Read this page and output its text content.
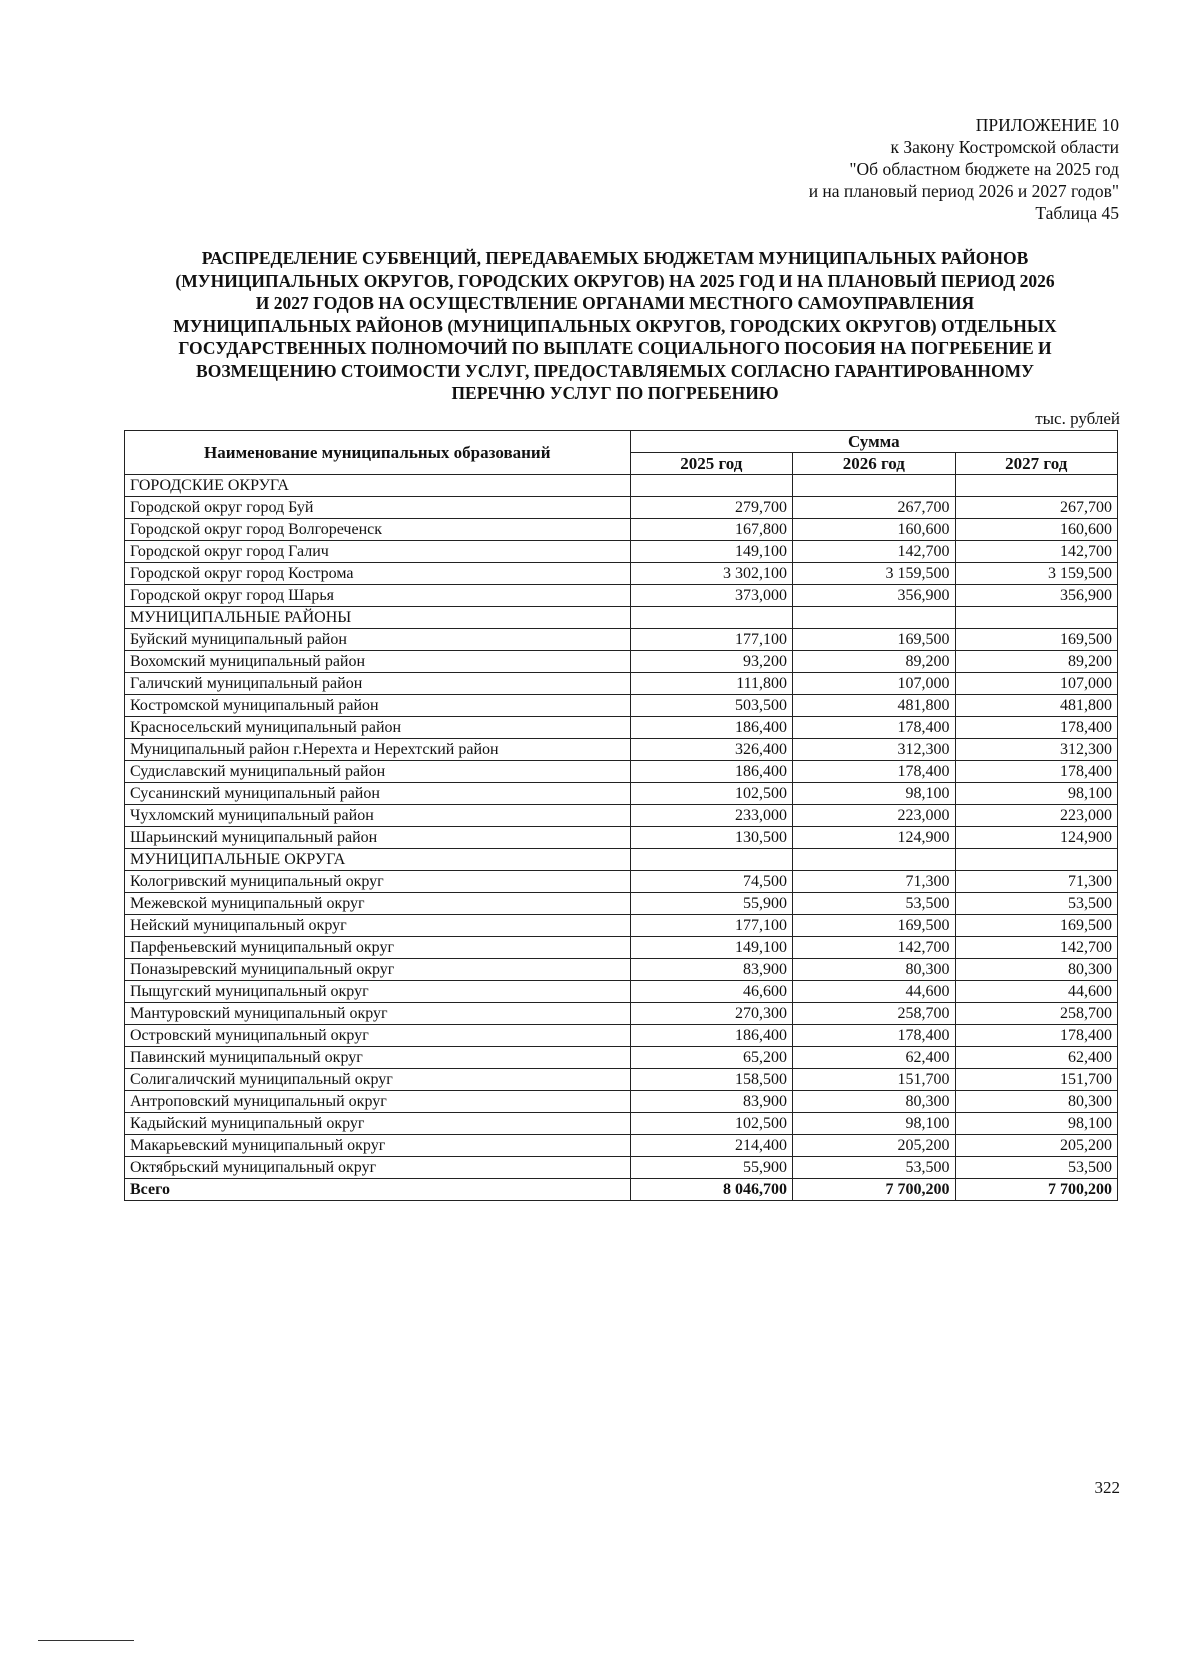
ПРИЛОЖЕНИЕ 10
к Закону Костромской области
"Об областном бюджете на 2025 год
и на плановый период 2026 и 2027 годов"
Таблица 45
РАСПРЕДЕЛЕНИЕ СУБВЕНЦИЙ, ПЕРЕДАВАЕМЫХ БЮДЖЕТАМ МУНИЦИПАЛЬНЫХ РАЙОНОВ
(МУНИЦИПАЛЬНЫХ ОКРУГОВ, ГОРОДСКИХ ОКРУГОВ) НА 2025 ГОД И НА ПЛАНОВЫЙ ПЕРИОД 2026
И 2027 ГОДОВ НА ОСУЩЕСТВЛЕНИЕ ОРГАНАМИ МЕСТНОГО САМОУПРАВЛЕНИЯ
МУНИЦИПАЛЬНЫХ РАЙОНОВ (МУНИЦИПАЛЬНЫХ ОКРУГОВ, ГОРОДСКИХ ОКРУГОВ) ОТДЕЛЬНЫХ
ГОСУДАРСТВЕННЫХ ПОЛНОМОЧИЙ ПО ВЫПЛАТЕ СОЦИАЛЬНОГО ПОСОБИЯ НА ПОГРЕБЕНИЕ И
ВОЗМЕЩЕНИЮ СТОИМОСТИ УСЛУГ, ПРЕДОСТАВЛЯЕМЫХ СОГЛАСНО ГАРАНТИРОВАННОМУ
ПЕРЕЧНЮ УСЛУГ ПО ПОГРЕБЕНИЮ
тыс. рублей
Наименование муниципальных образований	Сумма		
	2025 год	2026 год	2027 год
ГОРОДСКИЕ ОКРУГА			
Городской округ город Буй	279,700	267,700	267,700
Городской округ город Волгореченск	167,800	160,600	160,600
Городской округ город Галич	149,100	142,700	142,700
Городской округ город Кострома	3 302,100	3 159,500	3 159,500
Городской округ город Шарья	373,000	356,900	356,900
МУНИЦИПАЛЬНЫЕ РАЙОНЫ			
Буйский муниципальный район	177,100	169,500	169,500
Вохомский муниципальный район	93,200	89,200	89,200
Галичский муниципальный район	111,800	107,000	107,000
Костромской муниципальный район	503,500	481,800	481,800
Красносельский муниципальный район	186,400	178,400	178,400
Муниципальный район г.Нерехта и Нерехтский район	326,400	312,300	312,300
Судиславский муниципальный район	186,400	178,400	178,400
Сусанинский муниципальный район	102,500	98,100	98,100
Чухломский муниципальный район	233,000	223,000	223,000
Шарьинский муниципальный район	130,500	124,900	124,900
МУНИЦИПАЛЬНЫЕ ОКРУГА			
Кологривский муниципальный округ	74,500	71,300	71,300
Межевской муниципальный округ	55,900	53,500	53,500
Нейский муниципальный округ	177,100	169,500	169,500
Парфеньевский муниципальный округ	149,100	142,700	142,700
Поназыревский муниципальный округ	83,900	80,300	80,300
Пыщугский муниципальный округ	46,600	44,600	44,600
Мантуровский муниципальный округ	270,300	258,700	258,700
Островский муниципальный округ	186,400	178,400	178,400
Павинский муниципальный округ	65,200	62,400	62,400
Солигаличский муниципальный округ	158,500	151,700	151,700
Антроповский муниципальный округ	83,900	80,300	80,300
Кадыйский муниципальный округ	102,500	98,100	98,100
Макарьевский муниципальный округ	214,400	205,200	205,200
Октябрьский муниципальный округ	55,900	53,500	53,500
Всего	8 046,700	7 700,200	7 700,200
322
